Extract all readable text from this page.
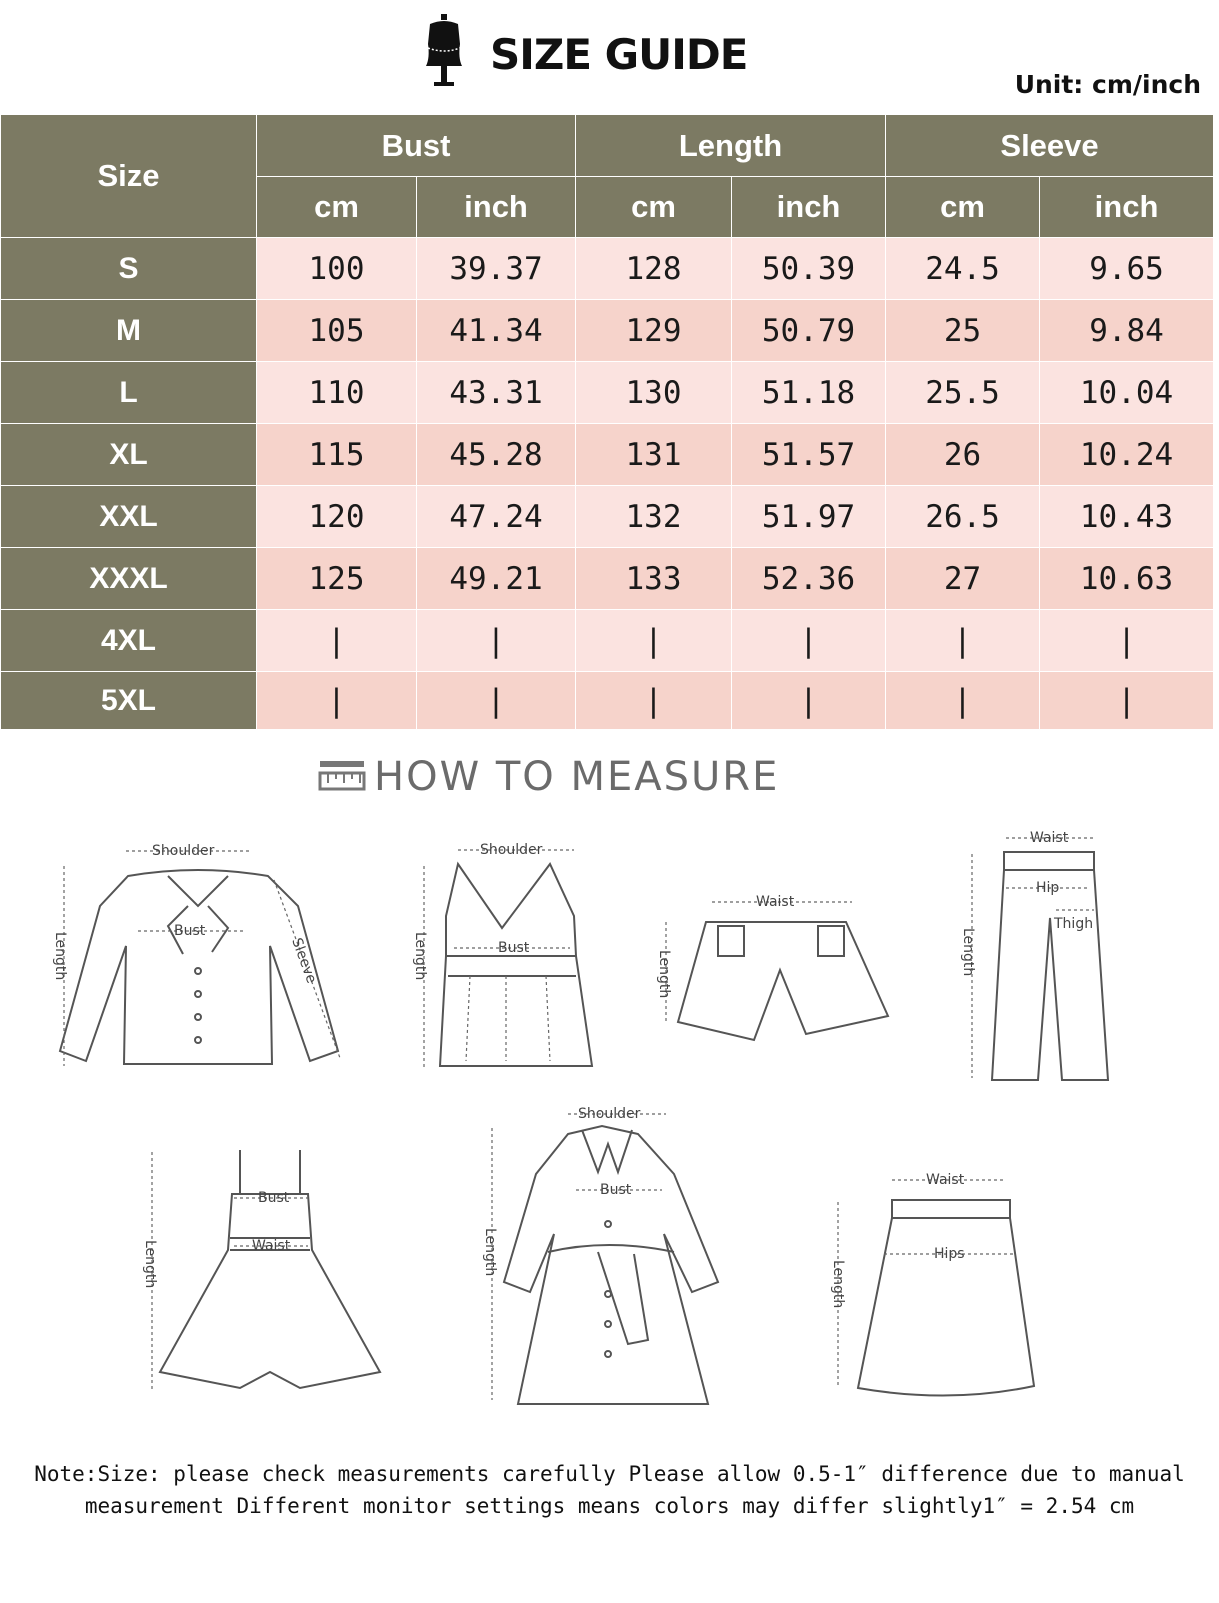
SIZE GUIDE
Unit: cm/inch
Size	Bust		Length		Sleeve	
	cm	inch	cm	inch	cm	inch
S	100	39.37	128	50.39	24.5	9.65
M	105	41.34	129	50.79	25	9.84
L	110	43.31	130	51.18	25.5	10.04
XL	115	45.28	131	51.57	26	10.24
XXL	120	47.24	132	51.97	26.5	10.43
XXXL	125	49.21	133	52.36	27	10.63
4XL	|	|	|	|	|	|
5XL	|	|	|	|	|	|
HOW TO MEASURE
Shoulder
Bust
Length	Sleeve
Shoulder
Bust
Length
Waist
Length
Waist
Hip
Thigh
Length
Bust
Waist
Length
Shoulder
Bust
Length
Waist
Hips
Length
Note:Size: please check measurements carefully Please allow 0.5-1″ difference due to manual measurement Different monitor settings means colors may differ slightly1″ = 2.54 cm
